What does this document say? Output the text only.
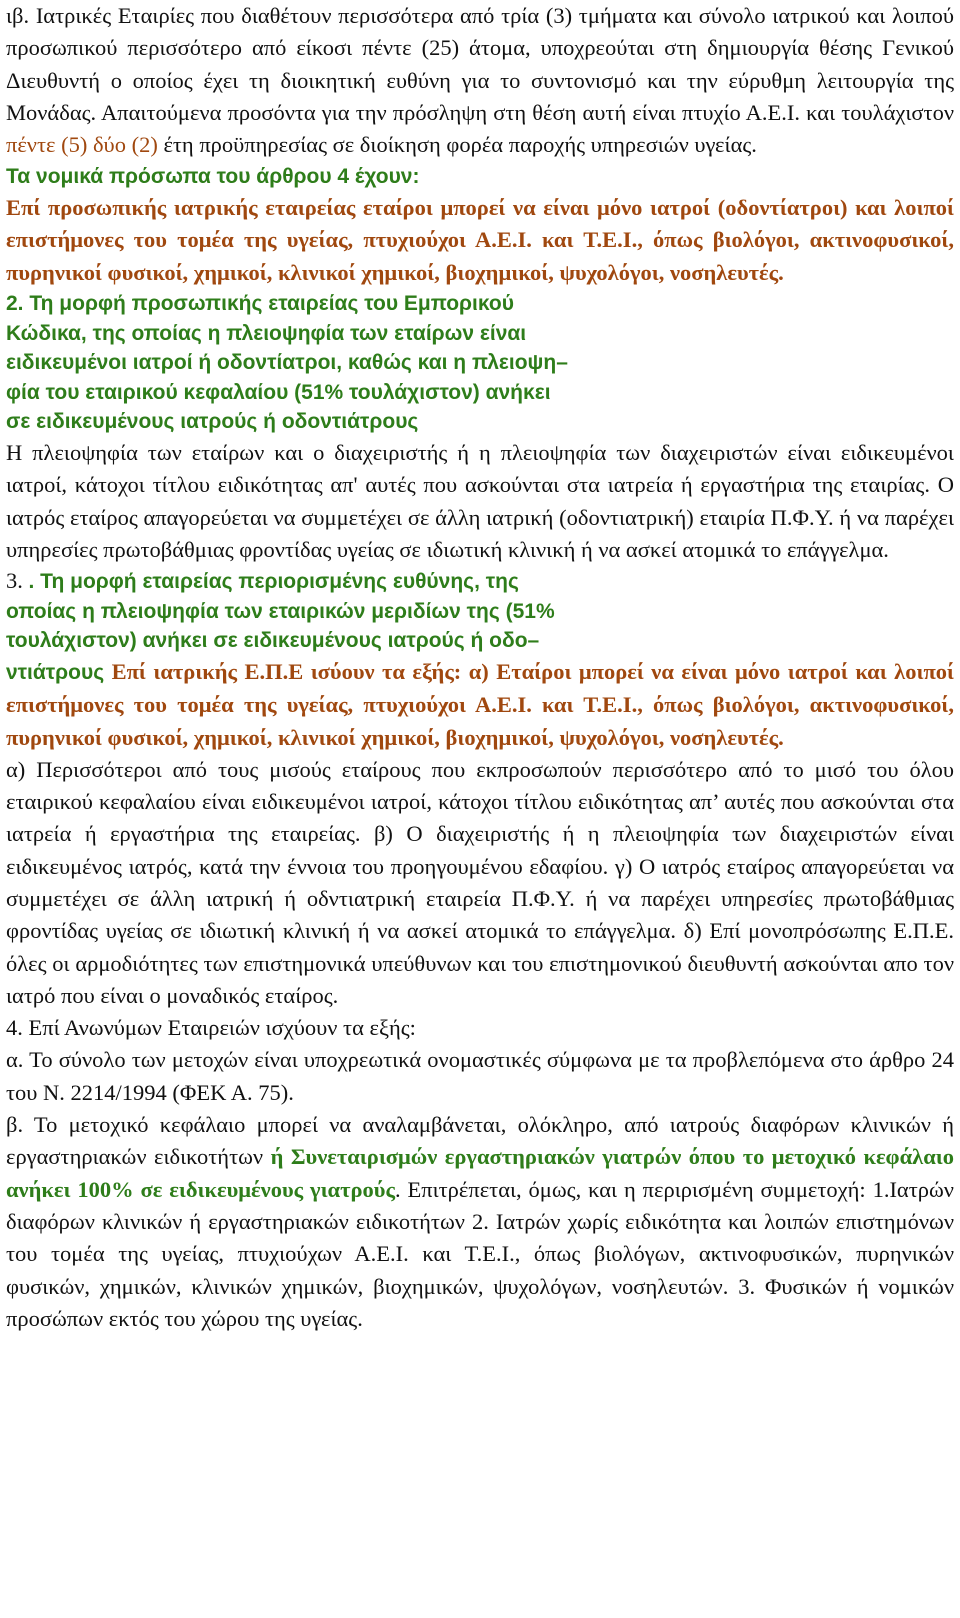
ιβ. Ιατρικές Εταιρίες που διαθέτουν περισσότερα από τρία (3) τμήματα και σύνολο ιατρικού και λοιπού προσωπικού περισσότερο από είκοσι πέντε (25) άτομα, υποχρεούται στη δημιουργία θέσης Γενικού Διευθυντή ο οποίος έχει τη διοικητική ευθύνη για το συντονισμό και την εύρυθμη λειτουργία της Μονάδας. Απαιτούμενα προσόντα για την πρόσληψη στη θέση αυτή είναι πτυχίο Α.Ε.Ι. και τουλάχιστον πέντε (5) δύο (2) έτη προϋπηρεσίας σε διοίκηση φορέα παροχής υπηρεσιών υγείας.

Τα νομικά πρόσωπα του άρθρου 4 έχουν:

Επί προσωπικής ιατρικής εταιρείας εταίροι μπορεί να είναι μόνο ιατροί (οδοντίατροι) και λοιποί επιστήμονες του τομέα της υγείας, πτυχιούχοι Α.Ε.Ι. και Τ.Ε.Ι., όπως βιολόγοι, ακτινοφυσικοί, πυρηνικοί φυσικοί, χημικοί, κλινικοί χημικοί, βιοχημικοί, ψυχολόγοι, νοσηλευτές.

2. Τη μορφή προσωπικής εταιρείας του Εμπορικού

Κώδικα, της οποίας η πλειοψηφία των εταίρων είναι

ειδικευμένοι ιατροί ή οδοντίατροι, καθώς και η πλειοψη–

φία του εταιρικού κεφαλαίου (51% τουλάχιστον) ανήκει

σε ειδικευμένους ιατρούς ή οδοντιάτρους

Η πλειοψηφία των εταίρων και ο διαχειριστής ή η πλειοψηφία των διαχειριστών είναι ειδικευμένοι ιατροί, κάτοχοι τίτλου ειδικότητας απ' αυτές που ασκούνται στα ιατρεία ή εργαστήρια της εταιρίας. Ο ιατρός εταίρος απαγορεύεται να συμμετέχει σε άλλη ιατρική (οδοντιατρική) εταιρία Π.Φ.Υ. ή να παρέχει υπηρεσίες πρωτοβάθμιας φροντίδας υγείας σε ιδιωτική κλινική ή να ασκεί ατομικά το επάγγελμα.

3. . Τη μορφή εταιρείας περιορισμένης ευθύνης, της

οποίας η πλειοψηφία των εταιρικών μεριδίων της (51%

τουλάχιστον) ανήκει σε ειδικευμένους ιατρούς ή οδο–

ντιάτρους Επί ιατρικής Ε.Π.Ε ισύουν τα εξής: α) Εταίροι μπορεί να είναι μόνο ιατροί και λοιποί επιστήμονες του τομέα της υγείας, πτυχιούχοι Α.Ε.Ι. και Τ.Ε.Ι., όπως βιολόγοι, ακτινοφυσικοί, πυρηνικοί φυσικοί, χημικοί, κλινικοί χημικοί, βιοχημικοί, ψυχολόγοι, νοσηλευτές.

α) Περισσότεροι από τους μισούς εταίρους που εκπροσωπούν περισσότερο από το μισό του όλου εταιρικού κεφαλαίου είναι ειδικευμένοι ιατροί, κάτοχοι τίτλου ειδικότητας απ’ αυτές που ασκούνται στα ιατρεία ή εργαστήρια της εταιρείας. β) Ο διαχειριστής ή η πλειοψηφία των διαχειριστών είναι ειδικευμένος ιατρός, κατά την έννοια του προηγουμένου εδαφίου. γ) Ο ιατρός εταίρος απαγορεύεται να συμμετέχει σε άλλη ιατρική ή οδντιατρική εταιρεία Π.Φ.Υ. ή να παρέχει υπηρεσίες πρωτοβάθμιας φροντίδας υγείας σε ιδιωτική κλινική ή να ασκεί ατομικά το επάγγελμα. δ) Επί μονοπρόσωπης Ε.Π.Ε. όλες οι αρμοδιότητες των επιστημονικά υπεύθυνων και του επιστημονικού διευθυντή ασκούνται απο τον ιατρό που είναι ο μοναδικός εταίρος.

4. Επί Ανωνύμων Εταιρειών ισχύουν τα εξής:

α. Το σύνολο των μετοχών είναι υποχρεωτικά ονομαστικές σύμφωνα με τα προβλεπόμενα στο άρθρο 24 του Ν. 2214/1994 (ΦΕΚ Α. 75).

β. Το μετοχικό κεφάλαιο μπορεί να αναλαμβάνεται, ολόκληρο, από ιατρούς διαφόρων κλινικών ή εργαστηριακών ειδικοτήτων ή Συνεταιρισμών εργαστηριακών γιατρών όπου το μετοχικό κεφάλαιο ανήκει 100% σε ειδικευμένους γιατρούς. Επιτρέπεται, όμως, και η περιρισμένη συμμετοχή: 1.Ιατρών διαφόρων κλινικών ή εργαστηριακών ειδικοτήτων 2. Ιατρών χωρίς ειδικότητα και λοιπών επιστημόνων του τομέα της υγείας, πτυχιούχων Α.Ε.Ι. και Τ.Ε.Ι., όπως βιολόγων, ακτινοφυσικών, πυρηνικών φυσικών, χημικών, κλινικών χημικών, βιοχημικών, ψυχολόγων, νοσηλευτών. 3. Φυσικών ή νομικών προσώπων εκτός του χώρου της υγείας.
